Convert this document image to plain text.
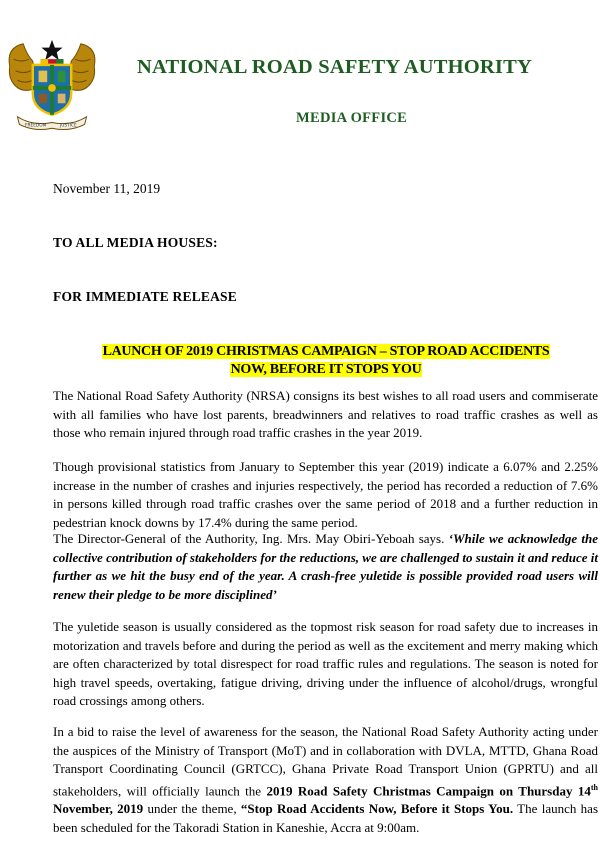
FREEDOM	JUSTICE
NATIONAL ROAD SAFETY AUTHORITY
MEDIA OFFICE
November 11, 2019
TO ALL MEDIA HOUSES:
FOR IMMEDIATE RELEASE
LAUNCH OF 2019 CHRISTMAS CAMPAIGN – STOP ROAD ACCIDENTS
NOW, BEFORE IT STOPS YOU

The National Road Safety Authority (NRSA) consigns its best wishes to all road users and commiserate with all families who have lost parents, breadwinners and relatives to road traffic crashes as well as those who remain injured through road traffic crashes in the year 2019.

Though provisional statistics from January to September this year (2019) indicate a 6.07% and 2.25% increase in the number of crashes and injuries respectively, the period has recorded a reduction of 7.6% in persons killed through road traffic crashes over the same period of 2018 and a further reduction in pedestrian knock downs by 17.4% during the same period.

The Director-General of the Authority, Ing. Mrs. May Obiri-Yeboah says. ‘While we acknowledge the collective contribution of stakeholders for the reductions, we are challenged to sustain it and reduce it further as we hit the busy end of the year. A crash-free yuletide is possible provided road users will renew their pledge to be more disciplined’

The yuletide season is usually considered as the topmost risk season for road safety due to increases in motorization and travels before and during the period as well as the excitement and merry making which are often characterized by total disrespect for road traffic rules and regulations. The season is noted for high travel speeds, overtaking, fatigue driving, driving under the influence of alcohol/drugs, wrongful road crossings among others.

In a bid to raise the level of awareness for the season, the National Road Safety Authority acting under the auspices of the Ministry of Transport (MoT) and in collaboration with DVLA, MTTD, Ghana Road Transport Coordinating Council (GRTCC), Ghana Private Road Transport Union (GPRTU) and all stakeholders, will officially launch the 2019 Road Safety Christmas Campaign on Thursday 14th November, 2019 under the theme, “Stop Road Accidents Now, Before it Stops You. The launch has been scheduled for the Takoradi Station in Kaneshie, Accra at 9:00am.
